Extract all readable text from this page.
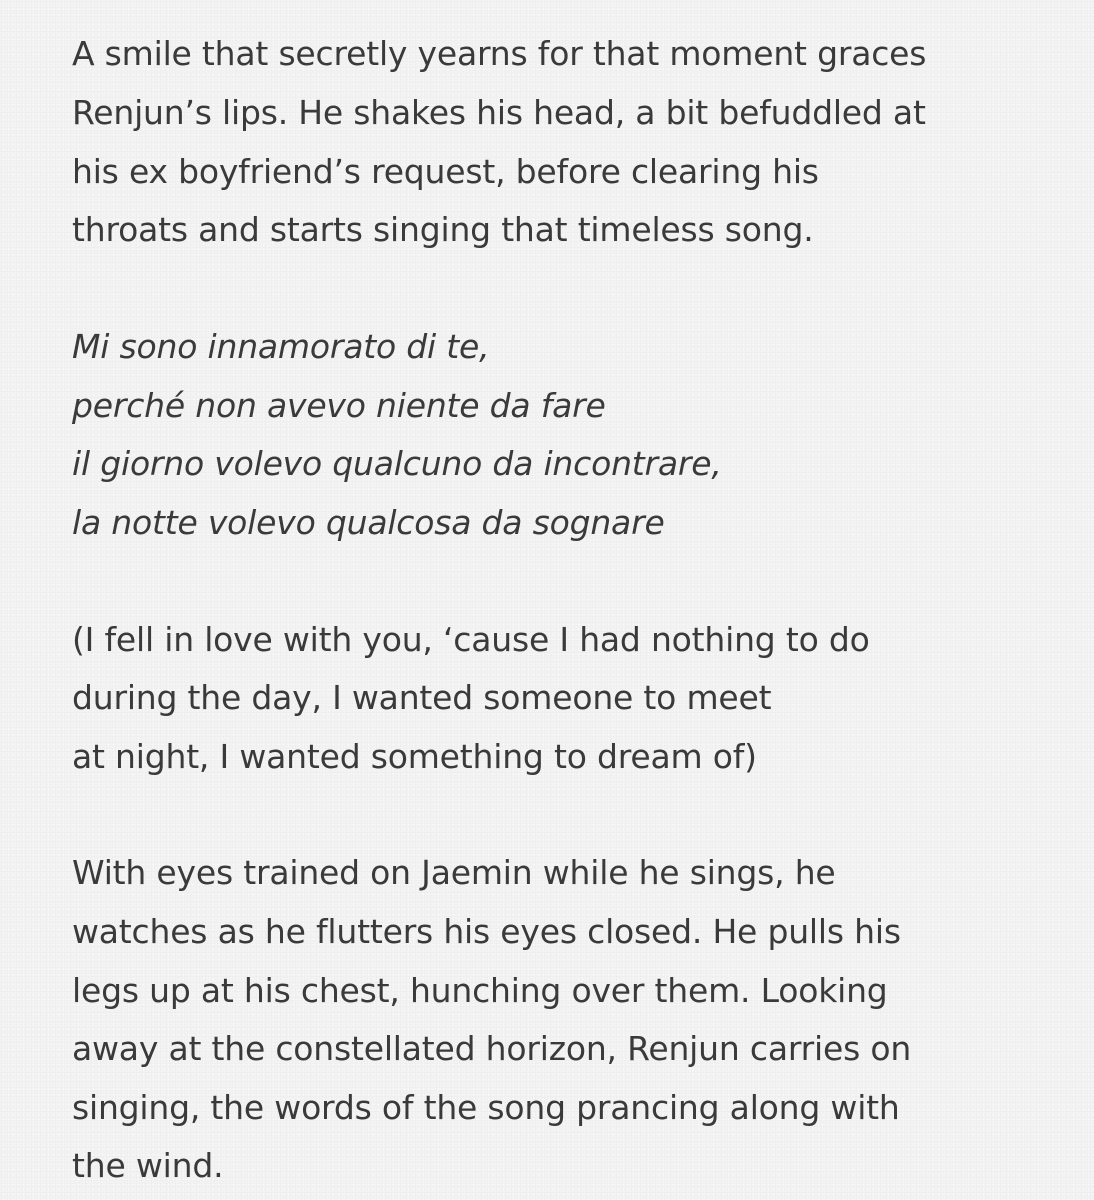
A smile that secretly yearns for that moment graces

Renjun’s lips. He shakes his head, a bit befuddled at

his ex boyfriend’s request, before clearing his

throats and starts singing that timeless song.

Mi sono innamorato di te,

perché non avevo niente da fare

il giorno volevo qualcuno da incontrare,

la notte volevo qualcosa da sognare

(I fell in love with you, ‘cause I had nothing to do

during the day, I wanted someone to meet

at night, I wanted something to dream of)

With eyes trained on Jaemin while he sings, he

watches as he flutters his eyes closed. He pulls his

legs up at his chest, hunching over them. Looking

away at the constellated horizon, Renjun carries on

singing, the words of the song prancing along with

the wind.
